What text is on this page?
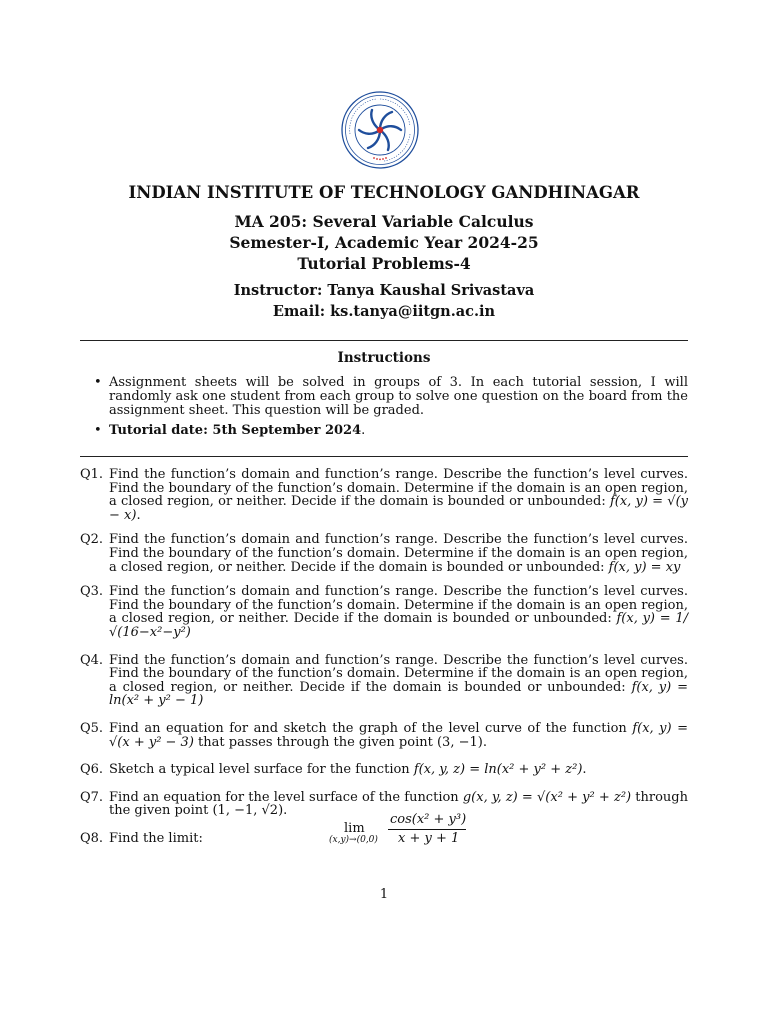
INDIAN INSTITUTE OF TECHNOLOGY GANDHINAGAR
MA 205: Several Variable Calculus
Semester-I, Academic Year 2024-25
Tutorial Problems-4
Instructor: Tanya Kaushal Srivastava
Email: ks.tanya@iitgn.ac.in
Instructions
• Assignment sheets will be solved in groups of 3. In each tutorial session, I will randomly ask one student from each group to solve one question on the board from the assignment sheet. This question will be graded.
• Tutorial date: 5th September 2024.
Q1. Find the function’s domain and function’s range. Describe the function’s level curves. Find the boundary of the function’s domain. Determine if the domain is an open region, a closed region, or neither. Decide if the domain is bounded or unbounded: f(x, y) = √(y − x).
Q2. Find the function’s domain and function’s range. Describe the function’s level curves. Find the boundary of the function’s domain. Determine if the domain is an open region, a closed region, or neither. Decide if the domain is bounded or unbounded: f(x, y) = xy
Q3. Find the function’s domain and function’s range. Describe the function’s level curves. Find the boundary of the function’s domain. Determine if the domain is an open region, a closed region, or neither. Decide if the domain is bounded or unbounded: f(x, y) = 1/√(16−x²−y²)
Q4. Find the function’s domain and function’s range. Describe the function’s level curves. Find the boundary of the function’s domain. Determine if the domain is an open region, a closed region, or neither. Decide if the domain is bounded or unbounded: f(x, y) = ln(x² + y² − 1)
Q5. Find an equation for and sketch the graph of the level curve of the function f(x, y) = √(x + y² − 3) that passes through the given point (3, −1).
Q6. Sketch a typical level surface for the function f(x, y, z) = ln(x² + y² + z²).
Q7. Find an equation for the level surface of the function g(x, y, z) = √(x² + y² + z²) through the given point (1, −1, √2).
Q8. Find the limit:
lim
(x,y)→(0,0)
cos(x² + y³)
x + y + 1
1
